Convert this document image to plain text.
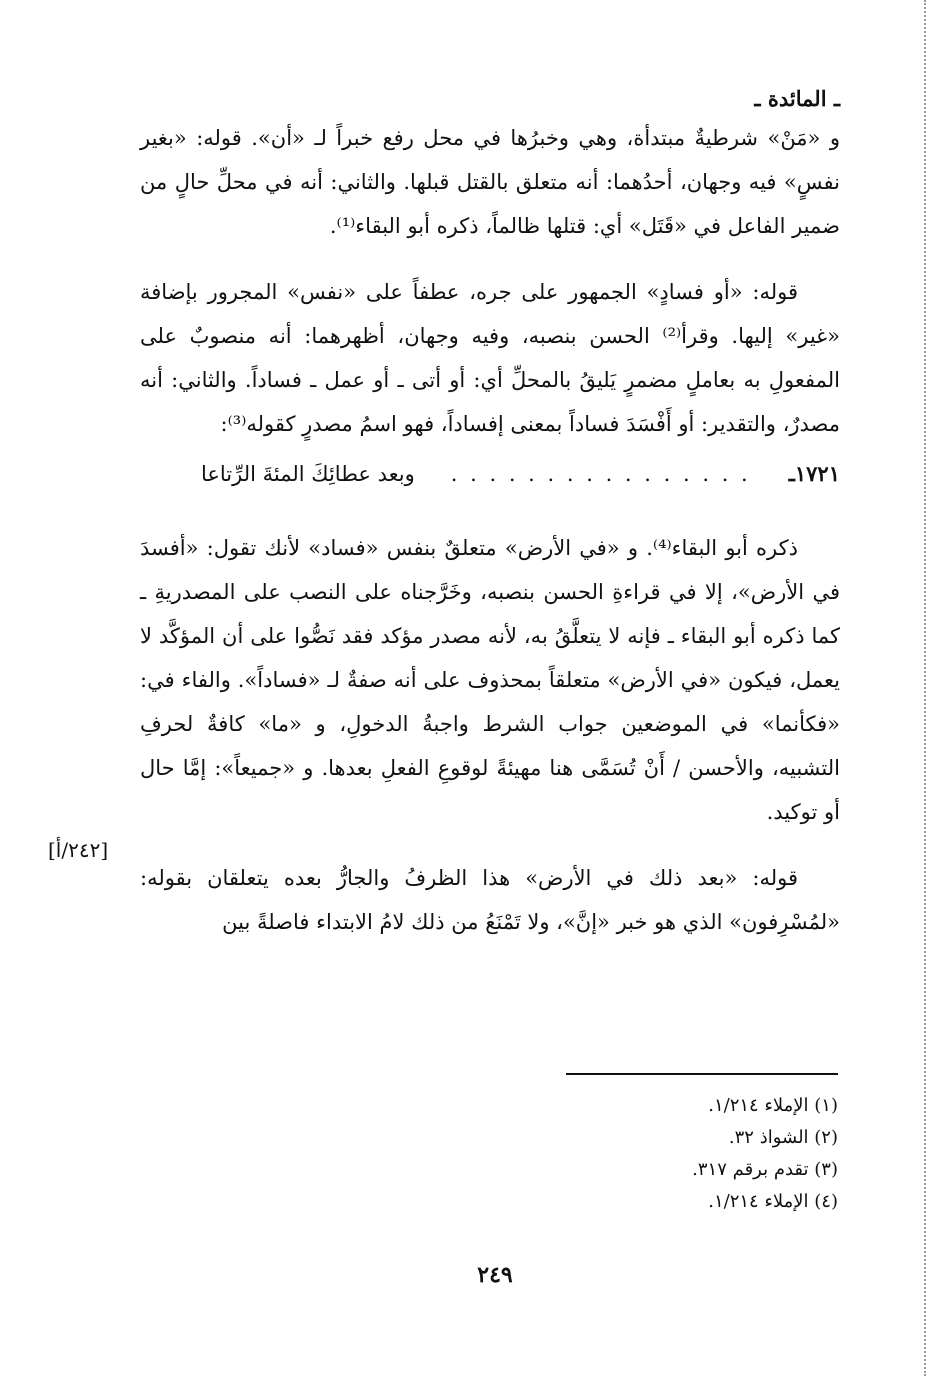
ـ المائدة ـ

و «مَنْ» شرطيةٌ مبتدأة، وهي وخبرُها في محل رفع خبراً لـ «أن». قوله: «بغير نفسٍ» فيه وجهان، أحدُهما: أنه متعلق بالقتل قبلها. والثاني: أنه في محلِّ حالٍ من ضمير الفاعل في «قَتَل» أي: قتلها ظالماً، ذكره أبو البقاء⁽¹⁾.

قوله: «أو فسادٍ» الجمهور على جره، عطفاً على «نفس» المجرور بإضافة «غير» إليها. وقرأ⁽²⁾ الحسن بنصبه، وفيه وجهان، أظهرهما: أنه منصوبٌ على المفعولِ به بعاملٍ مضمرٍ يَليقُ بالمحلِّ أي: أو أتى ـ أو عمل ـ فساداً. والثاني: أنه مصدرٌ، والتقدير: أو أَفْسَدَ فساداً بمعنى إفساداً، فهو اسمُ مصدرٍ كقوله⁽³⁾:

١٧٢١ـ
. . . . . . . . . . . . . . . .
وبعد عطائِكَ المئةَ الرِّتاعا

ذكره أبو البقاء⁽⁴⁾. و «في الأرض» متعلقٌ بنفس «فساد» لأنك تقول: «أفسدَ في الأرض»، إلا في قراءةِ الحسن بنصبه، وخَرَّجناه على النصب على المصدريةِ ـ كما ذكره أبو البقاء ـ فإنه لا يتعلَّقُ به، لأنه مصدر مؤكد فقد نَصُّوا على أن المؤكَّد لا يعمل، فيكون «في الأرض» متعلقاً بمحذوف على أنه صفةٌ لـ «فساداً». والفاء في: «فكأنما» في الموضعين جواب الشرط واجبةُ الدخولِ، و «ما» كافةٌ لحرفِ التشبيه، والأحسن / أَنْ تُسَمَّى هنا مهيئةً لوقوعِ الفعلِ بعدها. و «جميعاً»: إمَّا حال أو توكيد.

قوله: «بعد ذلك في الأرض» هذا الظرفُ والجارُّ بعده يتعلقان بقوله: «لمُسْرِفون» الذي هو خبر «إنَّ»، ولا تَمْنَعُ من ذلك لامُ الابتداء فاصلةً بين

[٢٤٢/أ]
(١) الإملاء ١/٢١٤.
(٢) الشواذ ٣٢.
(٣) تقدم برقم ٣١٧.
(٤) الإملاء ١/٢١٤.
٢٤٩
